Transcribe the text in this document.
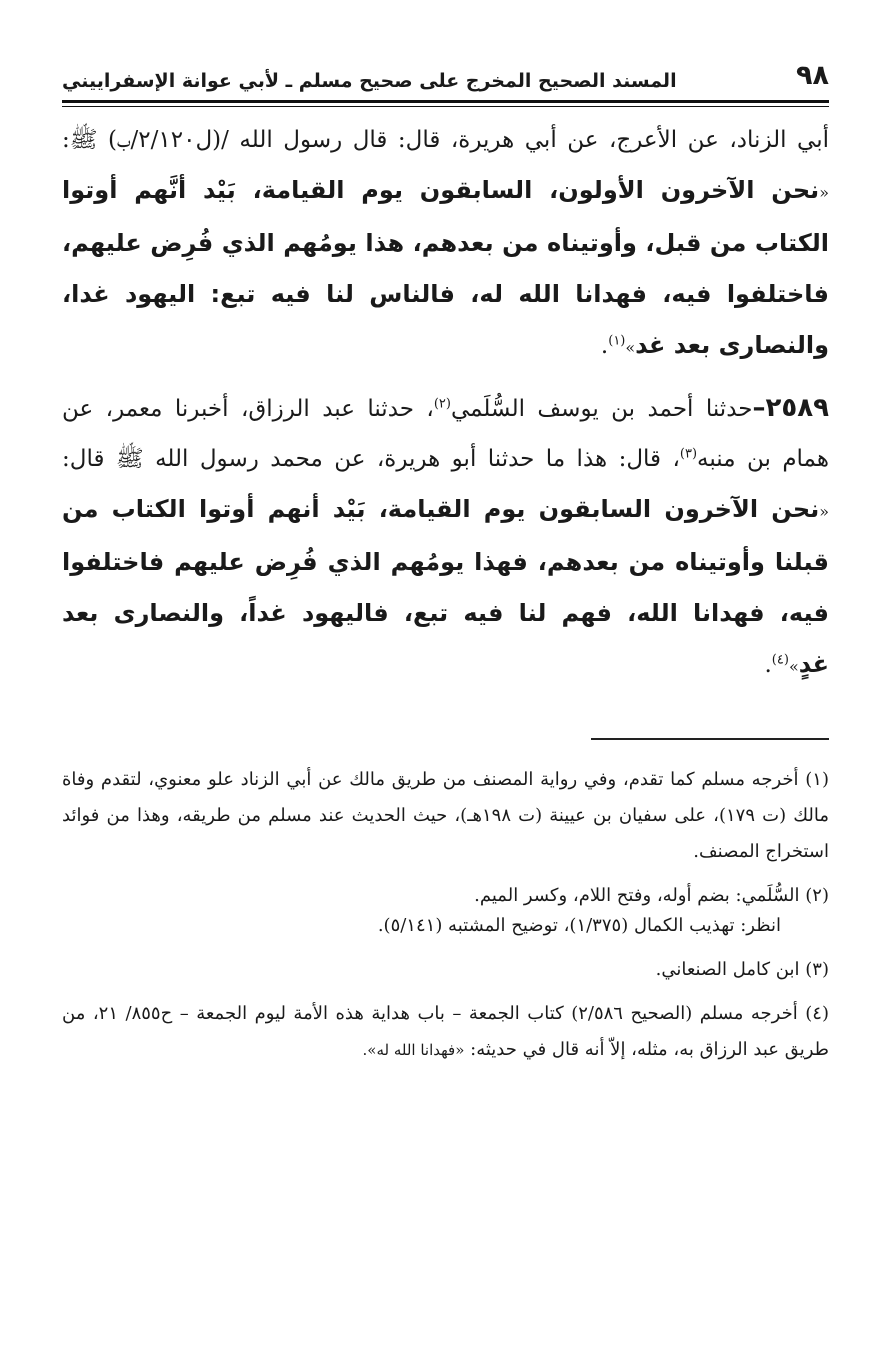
٩٨
المسند الصحيح المخرج على صحيح مسلم ـ لأبي عوانة الإسفراييني

أبي الزناد، عن الأعرج، عن أبي هريرة، قال: قال رسول الله /(ل٢/١٢٠/ب) ﷺ: «نحن الآخرون الأولون، السابقون يوم القيامة، بَيْد أنَّهم أوتوا الكتاب من قبل، وأوتيناه من بعدهم، هذا يومُهم الذي فُرِض عليهم، فاختلفوا فيه، فهدانا الله له، فالناس لنا فيه تبع: اليهود غدا، والنصارى بعد غد»$^{(١)}$.

٢٥٨٩–حدثنا أحمد بن يوسف السُّلَمي$^{(٢)}$، حدثنا عبد الرزاق، أخبرنا معمر، عن همام بن منبه$^{(٣)}$، قال: هذا ما حدثنا أبو هريرة، عن محمد رسول الله ﷺ قال: «نحن الآخرون السابقون يوم القيامة، بَيْد أنهم أوتوا الكتاب من قبلنا وأوتيناه من بعدهم، فهذا يومُهم الذي فُرِض عليهم فاختلفوا فيه، فهدانا الله، فهم لنا فيه تبع، فاليهود غداً، والنصارى بعد غدٍ»$^{(٤)}$.

(١) أخرجه مسلم كما تقدم، وفي رواية المصنف من طريق مالك عن أبي الزناد علو معنوي، لتقدم وفاة مالك (ت ١٧٩)، على سفيان بن عيينة (ت ١٩٨هـ)، حيث الحديث عند مسلم من طريقه، وهذا من فوائد استخراج المصنف.
(٢) السُّلَمي: بضم أوله، وفتح اللام، وكسر الميم.
انظر: تهذيب الكمال (١/٣٧٥)، توضيح المشتبه (٥/١٤١).
(٣) ابن كامل الصنعاني.
(٤) أخرجه مسلم (الصحيح ٢/٥٨٦) كتاب الجمعة – باب هداية هذه الأمة ليوم الجمعة – ح٨٥٥/ ٢١، من طريق عبد الرزاق به، مثله، إلاّ أنه قال في حديثه: «فهدانا الله له».
